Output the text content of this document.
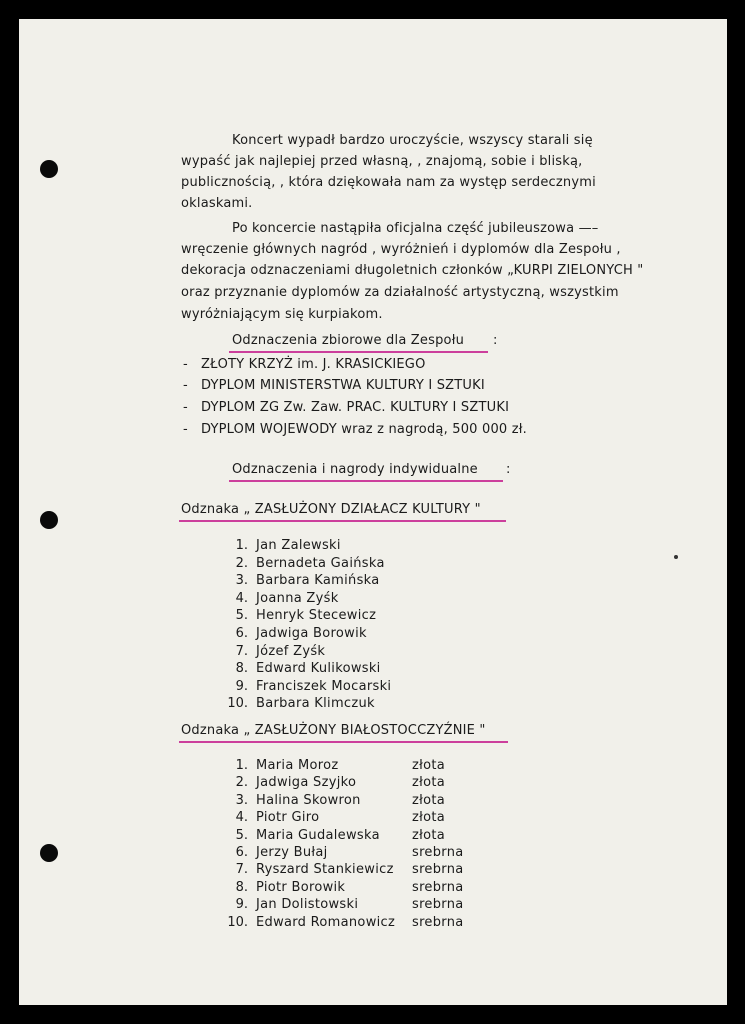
Koncert wypadł bardzo uroczyście, wszyscy starali się
wypaść jak najlepiej przed własną, , znajomą, sobie i bliską,
publicznością, , która dziękowała nam za występ serdecznymi
oklaskami.
Po koncercie nastąpiła oficjalna część jubileuszowa —–
wręczenie głównych nagród , wyróżnień i dyplomów dla Zespołu ,
dekoracja odznaczeniami długoletnich członków „KURPI ZIELONYCH "
oraz przyznanie dyplomów za działalność artystyczną, wszystkim
wyróżniającym się kurpiakom.
Odznaczenia zbiorowe dla Zespołu :
- ZŁOTY KRZYŻ im. J. KRASICKIEGO
- DYPLOM MINISTERSTWA KULTURY I SZTUKI
- DYPLOM ZG Zw. Zaw. PRAC. KULTURY I SZTUKI
- DYPLOM WOJEWODY wraz z nagrodą, 500 000 zł.
Odznaczenia i nagrody indywidualne :
Odznaka „ ZASŁUŻONY DZIAŁACZ KULTURY "
1. Jan Zalewski
2. Bernadeta Gaińska
3. Barbara Kamińska
4. Joanna Zyśk
5. Henryk Stecewicz
6. Jadwiga Borowik
7. Józef Zyśk
8. Edward Kulikowski
9. Franciszek Mocarski
10. Barbara Klimczuk
Odznaka „ ZASŁUŻONY BIAŁOSTOCCZYŹNIE "
1. Maria Moroz	złota
2. Jadwiga Szyjko	złota
3. Halina Skowron	złota
4. Piotr Giro	złota
5. Maria Gudalewska złota
6. Jerzy Bułaj	srebrna
7. Ryszard Stankiewicz srebrna
8. Piotr Borowik	srebrna
9. Jan Dolistowski	srebrna
10. Edward Romanowicz srebrna
